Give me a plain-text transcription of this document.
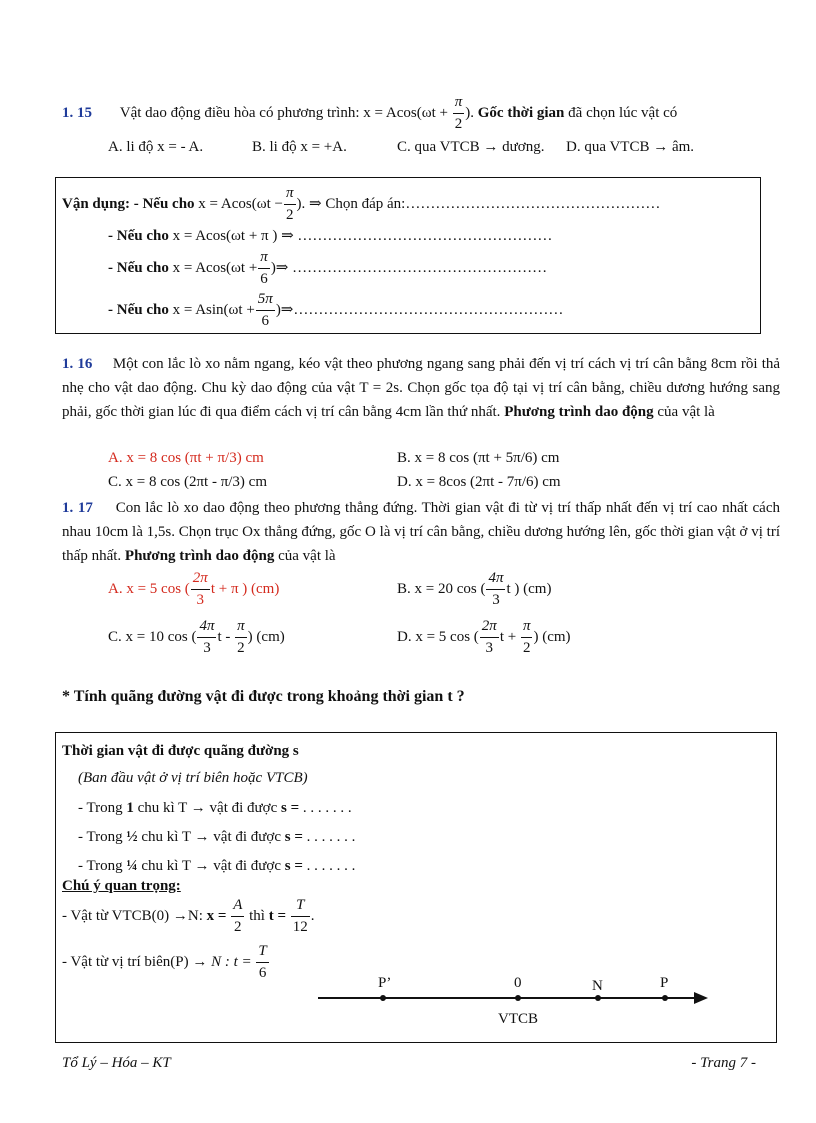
1. 15 Vật dao động điều hòa có phương trình: $x = Acos(\omega t + \frac{\pi}{2}$ ). Gốc thời gian đã chọn lúc vật có
A. li độ x = - A.	B. li độ x = +A.	C. qua VTCB → dương. D. qua VTCB → âm.
Vận dụng: - Nếu cho $x = Acos(\omega t - \frac{\pi}{2}$ ). ⇒ Chọn đáp án:……………………………………………
- Nếu cho x = Acos(ωt + π ) ⇒ ……………………………………………
- Nếu cho $x = Acos(\omega t + \frac{\pi}{6}$ )⇒ ……………………………………………
- Nếu cho $x = Asin(\omega t + \frac{5\pi}{6}$ )⇒………………………………………………
1. 16 Một con lắc lò xo nằm ngang, kéo vật theo phương ngang sang phải đến vị trí cách vị trí cân bằng 8cm rồi thả nhẹ cho vật dao động. Chu kỳ dao động của vật T = 2s. Chọn gốc tọa độ tại vị trí cân bằng, chiều dương hướng sang phải, gốc thời gian lúc đi qua điểm cách vị trí cân bằng 4cm lần thứ nhất. Phương trình dao động của vật là
A. x = 8 cos (πt + π/3) cm	B. x = 8 cos (πt + 5π/6) cm
C. x = 8 cos (2πt - π/3) cm	D. x = 8cos (2πt - 7π/6) cm
1. 17 Con lắc lò xo dao động theo phương thẳng đứng. Thời gian vật đi từ vị trí thấp nhất đến vị trí cao nhất cách nhau 10cm là 1,5s. Chọn trục Ox thẳng đứng, gốc O là vị trí cân bằng, chiều dương hướng lên, gốc thời gian vật ở vị trí thấp nhất. Phương trình dao động của vật là
A. x = 5 cos ( $\frac{2\pi}{3}$ t + π ) (cm)	B. x = 20 cos ( $\frac{4\pi}{3}$ t ) (cm)
C. x = 10 cos ( $\frac{4\pi}{3}$ t - $\frac{\pi}{2}$ ) (cm)	D. x = 5 cos ( $\frac{2\pi}{3}$ $t + \frac{\pi}{2}$ ) (cm)
* Tính quãng đường vật đi được trong khoảng thời gian t ?
Thời gian vật đi được quãng đường s
(Ban đầu vật ở vị trí biên hoặc VTCB)
- Trong 1 chu kì T → vật đi được s = . . . . . . .
- Trong ½ chu kì T → vật đi được s = . . . . . . .
- Trong ¼ chu kì T → vật đi được s = . . . . . . .
Chú ý quan trọng:
- Vật từ VTCB(0) →N: $x = \frac{A}{2}$ thì $t = \frac{T}{12}$ .
- Vật từ vị trí biên(P) → N : $t = \frac{T}{6}$
P’	0	N	P
VTCB
Tổ Lý – Hóa – KT	- Trang 7 -
